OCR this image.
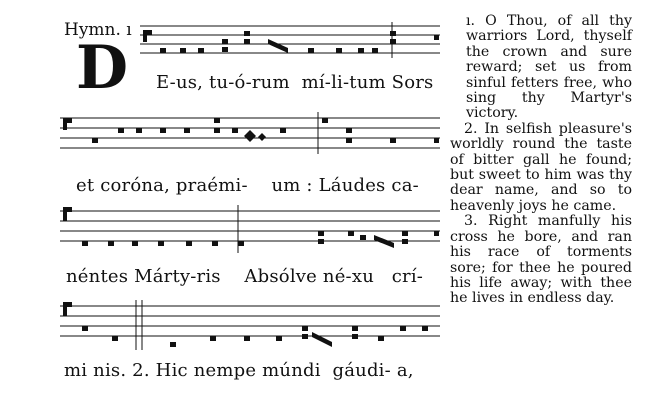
Hymn. ı
D E-us, tu-ó-rum  mí-li-tum Sors
et coróna, praémi-    um : Láudes ca-
néntes Márty-ris    Absólve né-xu   crí-
mi nis. 2. Hic nempe múndi  gáudi- a,

ı. O Thou, of all thy warriors Lord, thyself the crown and sure reward; set us from sinful fetters free, who sing thy Martyr's victory.

2. In selfish pleasure's worldly round the taste of bitter gall he found; but sweet to him was thy dear name, and so to heavenly joys he came.

3. Right manfully his cross he bore, and ran his race of torments sore; for thee he poured his life away; with thee he lives in endless day.
